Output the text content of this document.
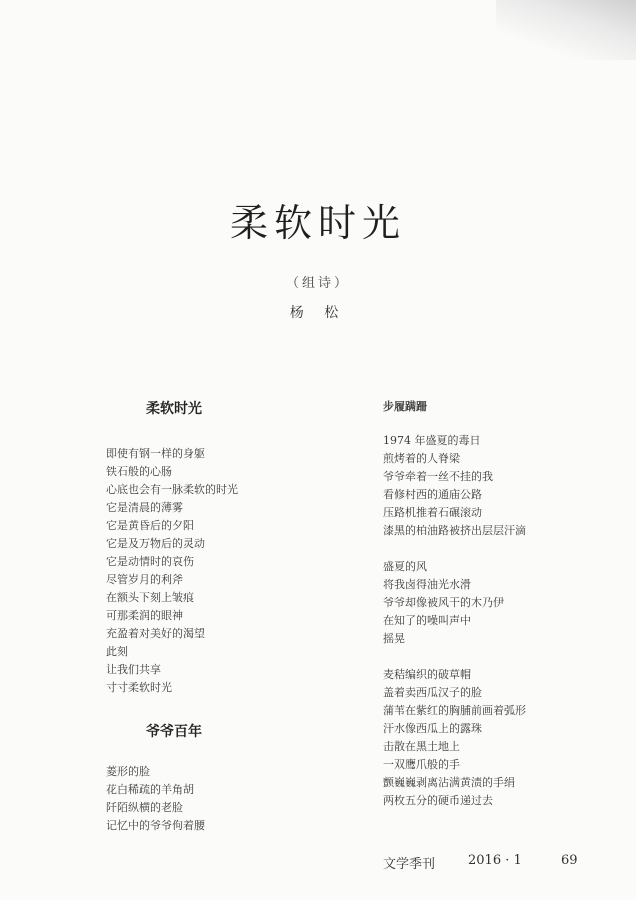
柔软时光
（组诗）
杨 松
柔软时光
即使有钢一样的身躯
铁石般的心肠
心底也会有一脉柔软的时光
它是清晨的薄雾
它是黄昏后的夕阳
它是及万物后的灵动
它是动情时的哀伤
尽管岁月的利斧
在额头下刻上皱痕
可那柔润的眼神
充盈着对美好的渴望
此刻
让我们共享
寸寸柔软时光
爷爷百年
菱形的脸
花白稀疏的羊角胡
阡陌纵横的老脸
记忆中的爷爷佝着腰
步履蹒跚
1974 年盛夏的毒日
煎烤着的人脊梁
爷爷牵着一丝不挂的我
看修村西的通庙公路
压路机推着石碾滚动
漆黑的柏油路被挤出层层汗滴
盛夏的风
将我卤得油光水滑
爷爷却像被风干的木乃伊
在知了的噪叫声中
摇晃
麦秸编织的破草帽
盖着卖西瓜汉子的脸
蒲苇在紫红的胸脯前画着弧形
汗水像西瓜上的露珠
击散在黑土地上
一双鹰爪般的手
颤巍巍剥离沾满黄渍的手绢
两枚五分的硬币递过去
文学季刊	2016 · 1	69
